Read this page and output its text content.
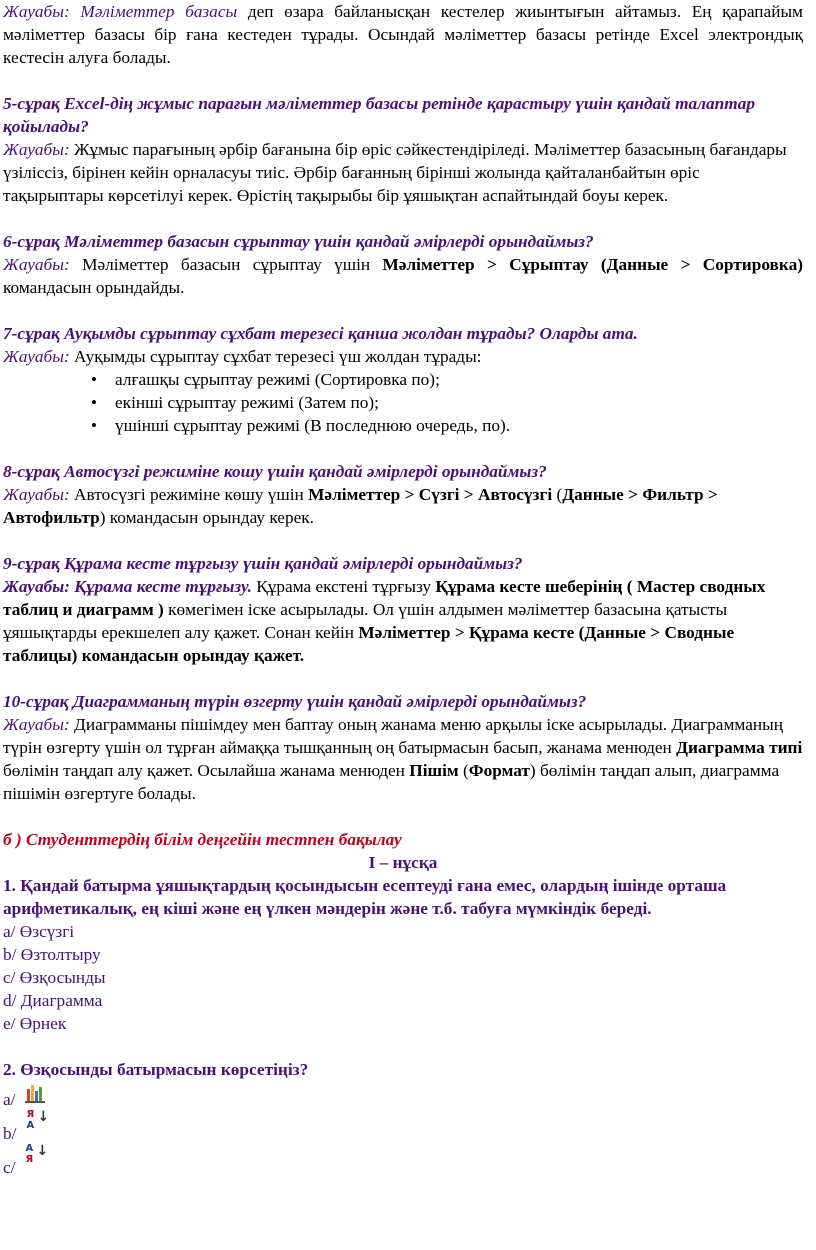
Жауабы: Мәліметтер базасы деп өзара байланысқан кестелер жиынтығын айтамыз. Ең қарапайым мәліметтер базасы бір ғана кестеден тұрады. Осындай мәліметтер базасы ретінде Excel электрондық кестесін алуға болады.

5-сұрақ Excel-дің жұмыс парағын мәліметтер базасы ретінде қарастыру үшін қандай талаптар қойылады?

Жауабы: Жұмыс парағының әрбір бағанына бір өріс сәйкестендіріледі. Мәліметтер базасының бағандары үзіліссіз, бірінен кейін орналасуы тиіс. Әрбір бағанның бірінші жолында қайталанбайтын өріс тақырыптары көрсетілуі керек. Өрістің тақырыбы бір ұяшықтан аспайтындай боуы керек.

6-сұрақ Мәліметтер базасын сұрыптау үшін қандай әмірлерді орындаймыз?

Жауабы: Мәліметтер базасын сұрыптау үшін Мәліметтер > Сұрыптау (Данные > Сортировка) командасын орындайды.

7-сұрақ Ауқымды сұрыптау сұхбат терезесі қанша жолдан тұрады? Оларды ата.

Жауабы: Ауқымды сұрыптау сұхбат терезесі үш жолдан тұрады:

• алғашқы сұрыптау режимі (Сортировка по);
• екінші сұрыптау режимі (Затем по);
• үшінші сұрыптау режимі (В последнюю очередь, по).

8-сұрақ Автосүзгі режиміне кошу үшін қандай әмірлерді орындаймыз?

Жауабы: Автосүзгі режиміне көшу үшін Мәліметтер > Сүзгі > Автосүзгі (Данные > Фильтр > Автофильтр) командасын орындау керек.

9-сұрақ Құрама кесте тұрғызу үшін қандай әмірлерді орындаймыз?

Жауабы: Құрама кесте тұрғызу. Құрама екстені тұрғызу Құрама кесте шеберінің ( Мастер сводных таблиц и диаграмм ) көмегімен іске асырылады. Ол үшін алдымен мәліметтер базасына қатысты ұяшықтарды ерекшелеп алу қажет. Сонан кейін Мәліметтер > Құрама кесте (Данные > Сводные таблицы) командасын орындау қажет.

10-сұрақ Диаграмманың түрін өзгерту үшін қандай әмірлерді орындаймыз?

Жауабы: Диаграмманы пішімдеу мен баптау оның жанама меню арқылы іске асырылады. Диаграмманың түрін өзгерту үшін ол тұрған аймаққа тышқанның оң батырмасын басып, жанама менюден Диаграмма типі бөлімін таңдап алу қажет. Осылайша жанама менюден Пішім (Формат) бөлімін таңдап алып, диаграмма пішімін өзгертуге болады.

б ) Студенттердің білім деңгейін тестпен бақылау

I – нұсқа

1. Қандай батырма ұяшықтардың қосындысын есептеуді ғана емес, олардың ішінде орташа арифметикалық, ең кіші және ең үлкен мәндерін және т.б. табуға мүмкіндік береді.

a/ Өзсүзгі

b/ Өзтолтыру

c/ Өзқосынды

d/ Диаграмма

e/ Өрнек

2. Өзқосынды батырмасын көрсетіңіз?

a/
b/
Я
А
↓
c/
А
Я
↓
